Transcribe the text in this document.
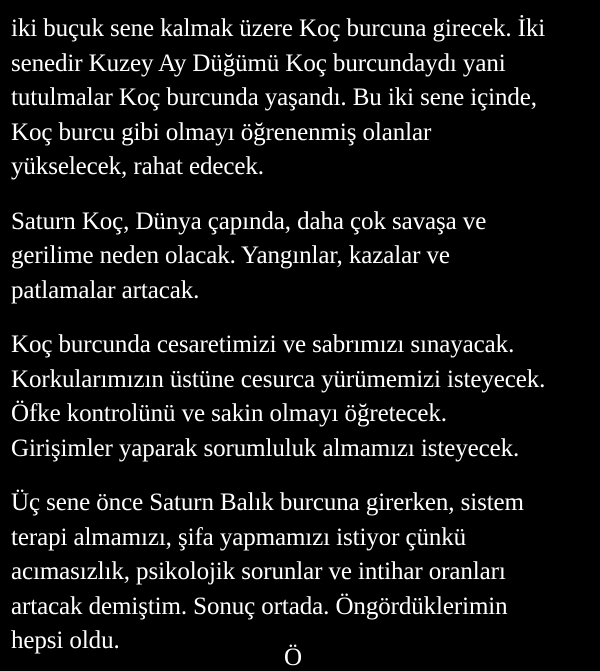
iki buçuk sene kalmak üzere Koç burcuna girecek. İki
senedir Kuzey Ay Düğümü Koç burcundaydı yani
tutulmalar Koç burcunda yaşandı. Bu iki sene içinde,
Koç burcu gibi olmayı öğrenenmiş olanlar
yükselecek, rahat edecek.

Saturn Koç, Dünya çapında, daha çok savaşa ve
gerilime neden olacak. Yangınlar, kazalar ve
patlamalar artacak.

Koç burcunda cesaretimizi ve sabrımızı sınayacak.
Korkularımızın üstüne cesurca yürümemizi isteyecek.
Öfke kontrolünü ve sakin olmayı öğretecek.
Girişimler yaparak sorumluluk almamızı isteyecek.

Üç sene önce Saturn Balık burcuna girerken, sistem
terapi almamızı, şifa yapmamızı istiyor çünkü
acımasızlık, psikolojik sorunlar ve intihar oranları
artacak demiştim. Sonuç ortada. Öngördüklerimin
hepsi oldu.

Ö
